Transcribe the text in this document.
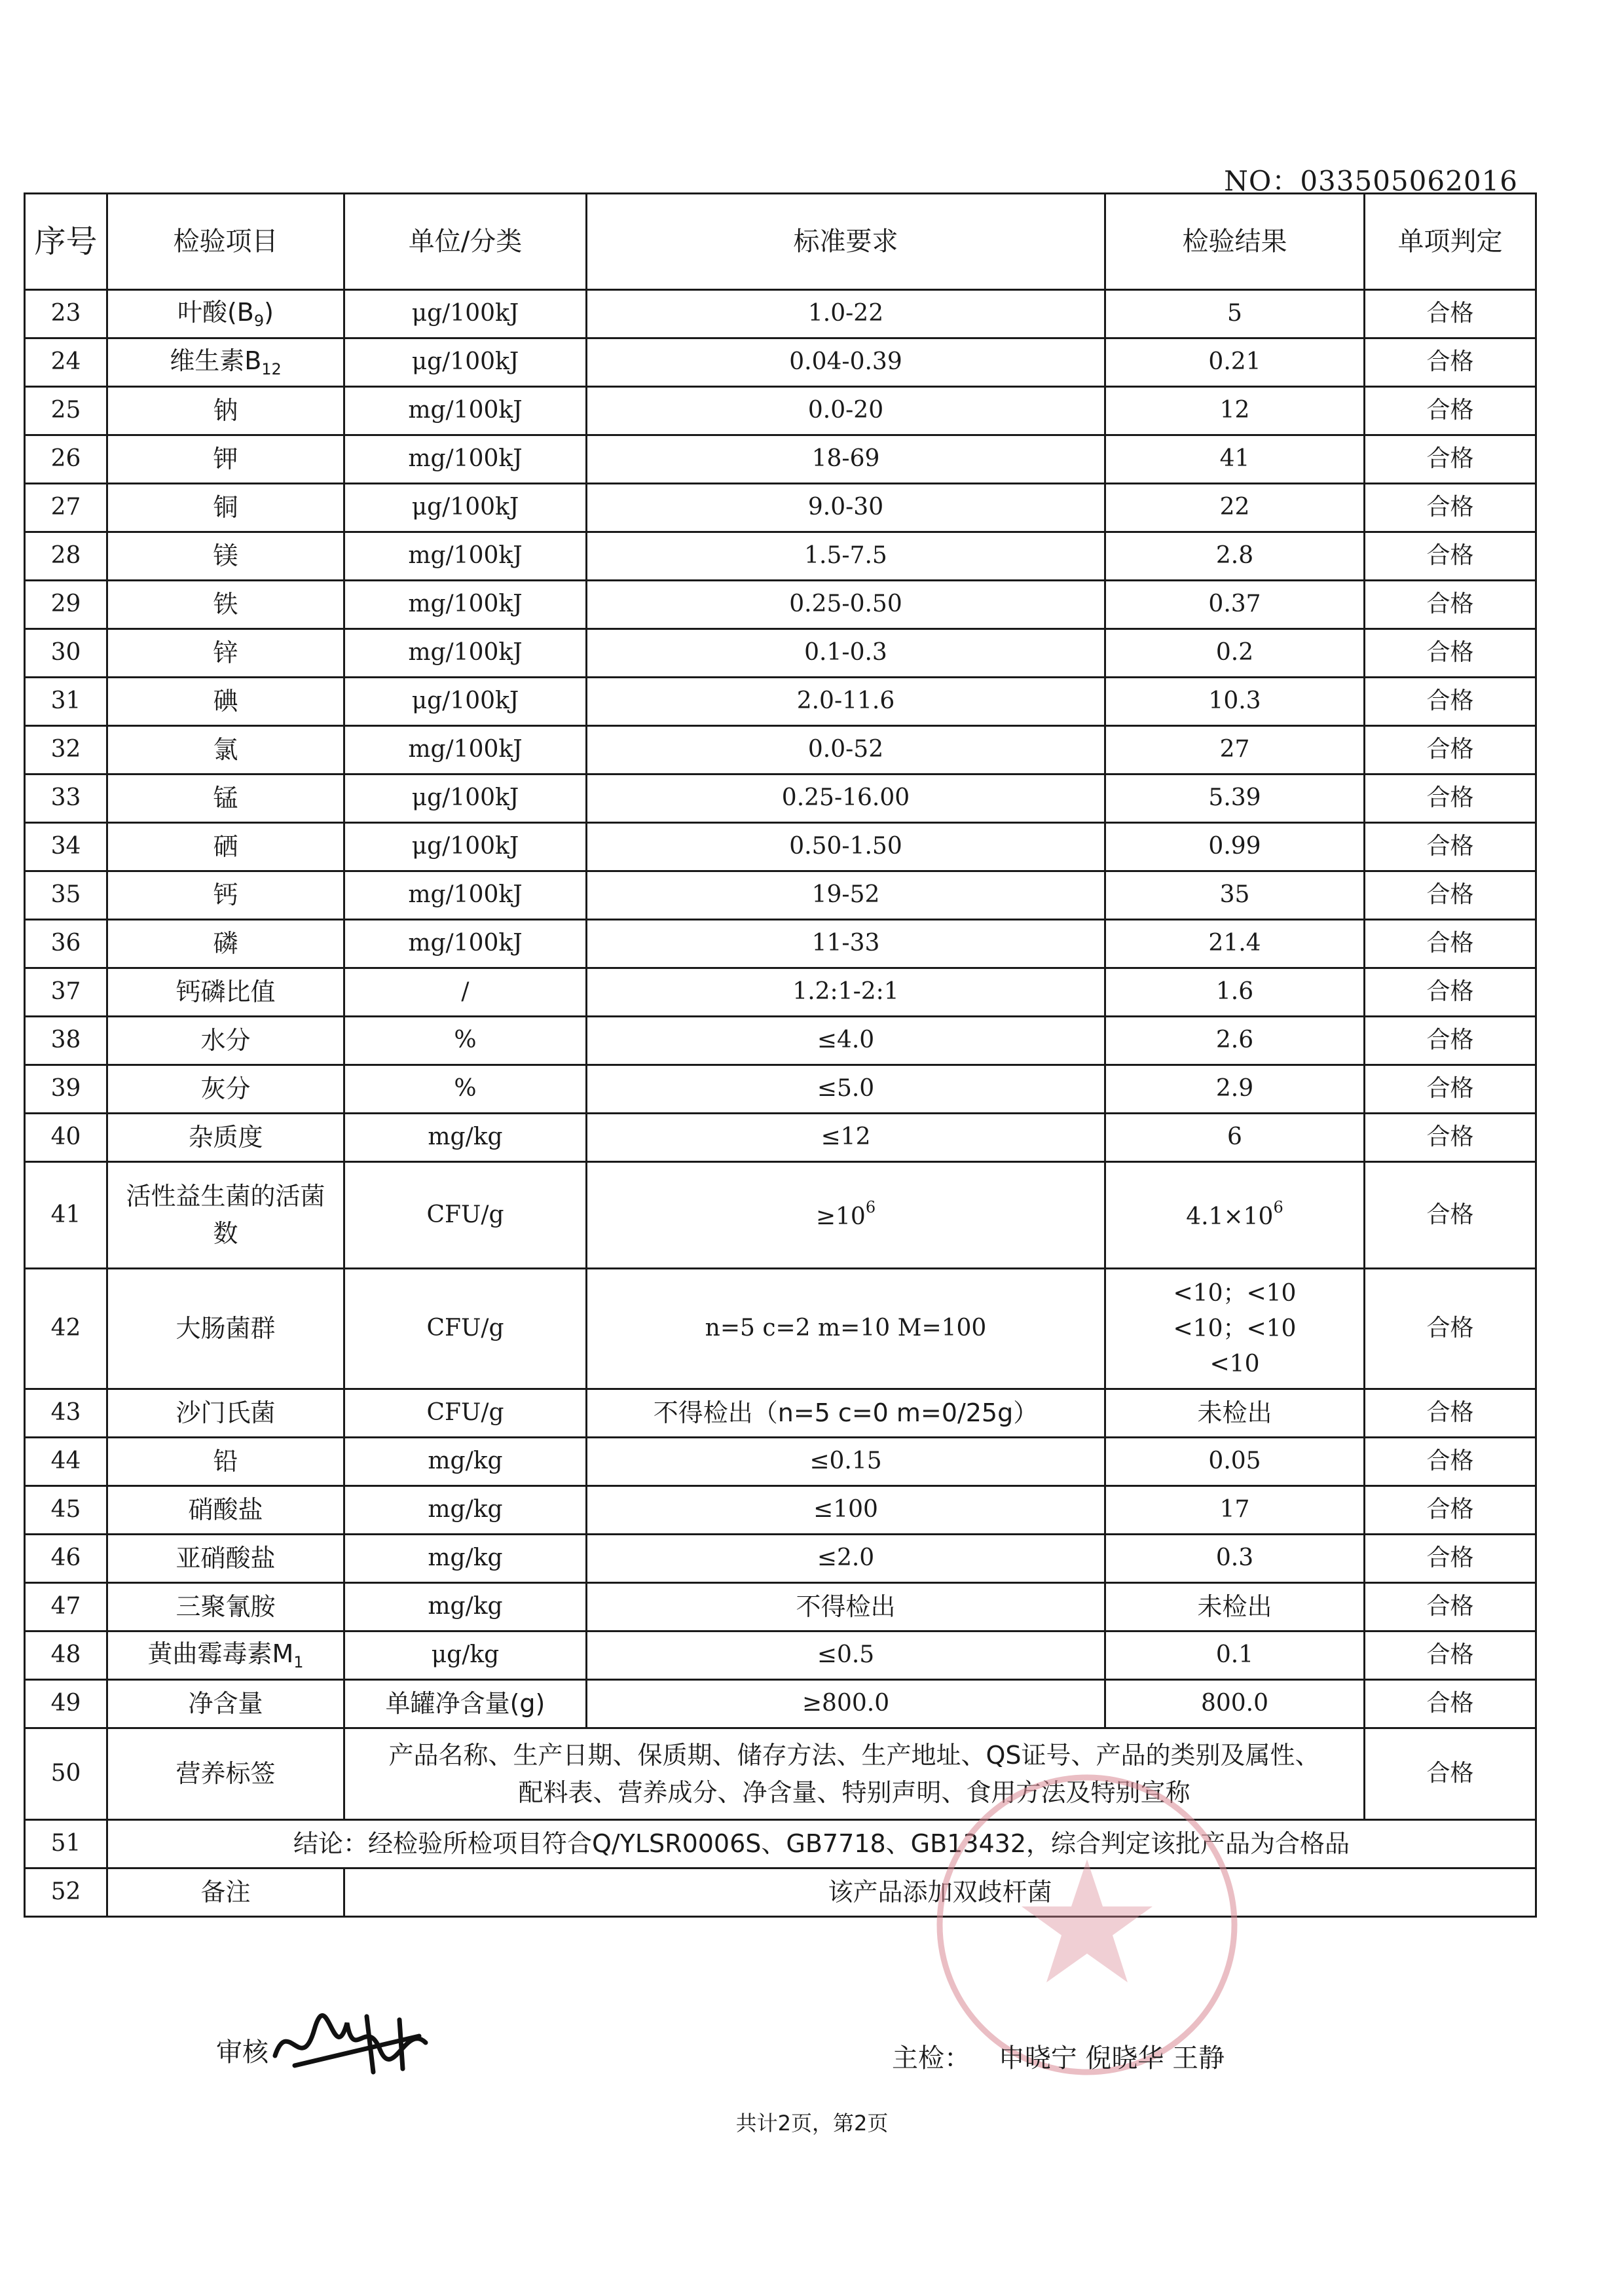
NO：033505062016
序号	检验项目	单位/分类	标准要求	检验结果	单项判定
23	叶酸$(B_9)$	μg/100kJ	1.0-22	5	合格
24	维生素$B_{12}$	μg/100kJ	0.04-0.39	0.21	合格
25	钠	mg/100kJ	0.0-20	12	合格
26	钾	mg/100kJ	18-69	41	合格
27	铜	μg/100kJ	9.0-30	22	合格
28	镁	mg/100kJ	1.5-7.5	2.8	合格
29	铁	mg/100kJ	0.25-0.50	0.37	合格
30	锌	mg/100kJ	0.1-0.3	0.2	合格
31	碘	μg/100kJ	2.0-11.6	10.3	合格
32	氯	mg/100kJ	0.0-52	27	合格
33	锰	μg/100kJ	0.25-16.00	5.39	合格
34	硒	μg/100kJ	0.50-1.50	0.99	合格
35	钙	mg/100kJ	19-52	35	合格
36	磷	mg/100kJ	11-33	21.4	合格
37	钙磷比值	/	1.2:1-2:1	1.6	合格
38	水分	%	≤4.0	2.6	合格
39	灰分	%	≤5.0	2.9	合格
40	杂质度	mg/kg	≤12	6	合格
41	活性益生菌的活菌
数	CFU/g	$\ge 10^6$	$4.1\times 10^6$	合格
42	大肠菌群	CFU/g	n=5 c=2 m=10 M=100	<10；<10
<10；<10
<10	合格
43	沙门氏菌	CFU/g	不得检出（n=5 c=0 m=0/25g）	未检出	合格
44	铅	mg/kg	≤0.15	0.05	合格
45	硝酸盐	mg/kg	≤100	17	合格
46	亚硝酸盐	mg/kg	≤2.0	0.3	合格
47	三聚氰胺	mg/kg	不得检出	未检出	合格
48	黄曲霉毒素$M_1$	μg/kg	≤0.5	0.1	合格
49	净含量	单罐净含量(g)	≥800.0	800.0	合格
50	营养标签	产品名称、生产日期、保质期、储存方法、生产地址、QS证号、产品的类别及属性、
配料表、营养成分、净含量、特别声明、食用方法及特别宣称			合格
51	结论：经检验所检项目符合Q/YLSR0006S、GB7718、GB13432，综合判定该批产品为合格品				
52	备注	该产品添加双歧杆菌			
审核	主检： 申晓宁 倪晓华 王静
共计2页，第2页
